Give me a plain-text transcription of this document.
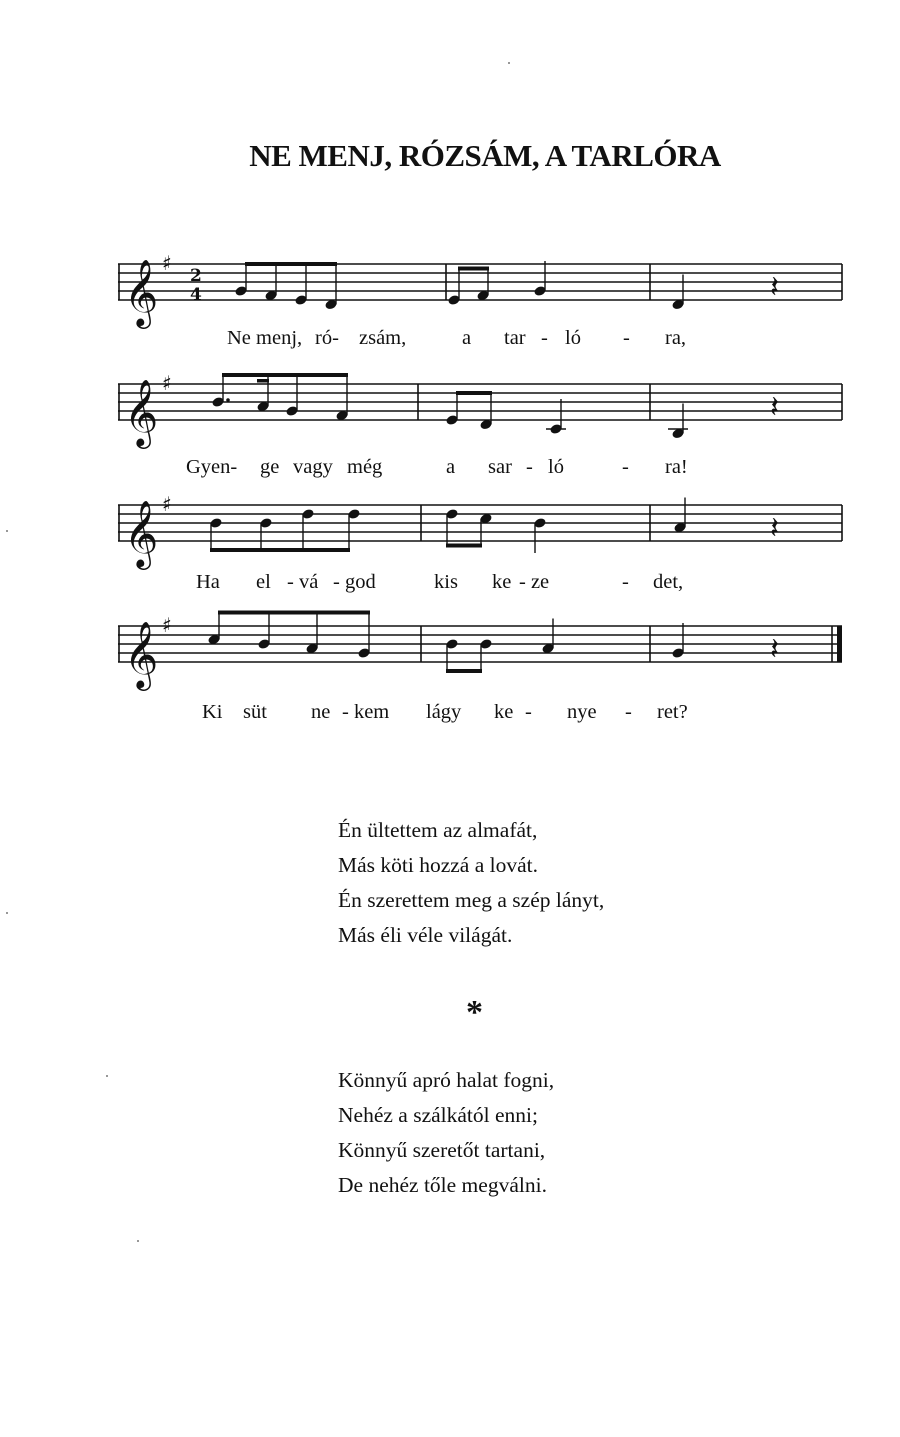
NE MENJ, RÓZSÁM, A TARLÓRA
𝄞 ♯
2
4	𝄽
𝄞 ♯
𝄽
𝄞 ♯
𝄽
𝄞 ♯
𝄽
Ne menj, ró- zsám,	a tar - ló - ra,
Gyen- ge vagy még	a sar - ló	- ra!
Ha el - vá - god	kis ke - ze	- det,
Ki süt ne - kem lágy ke - nye - ret?
Én ültettem az almafát,
Más köti hozzá a lovát.
Én szerettem meg a szép lányt,
Más éli véle világát.
*
Könnyű apró halat fogni,
Nehéz a szálkától enni;
Könnyű szeretőt tartani,
De nehéz tőle megválni.
